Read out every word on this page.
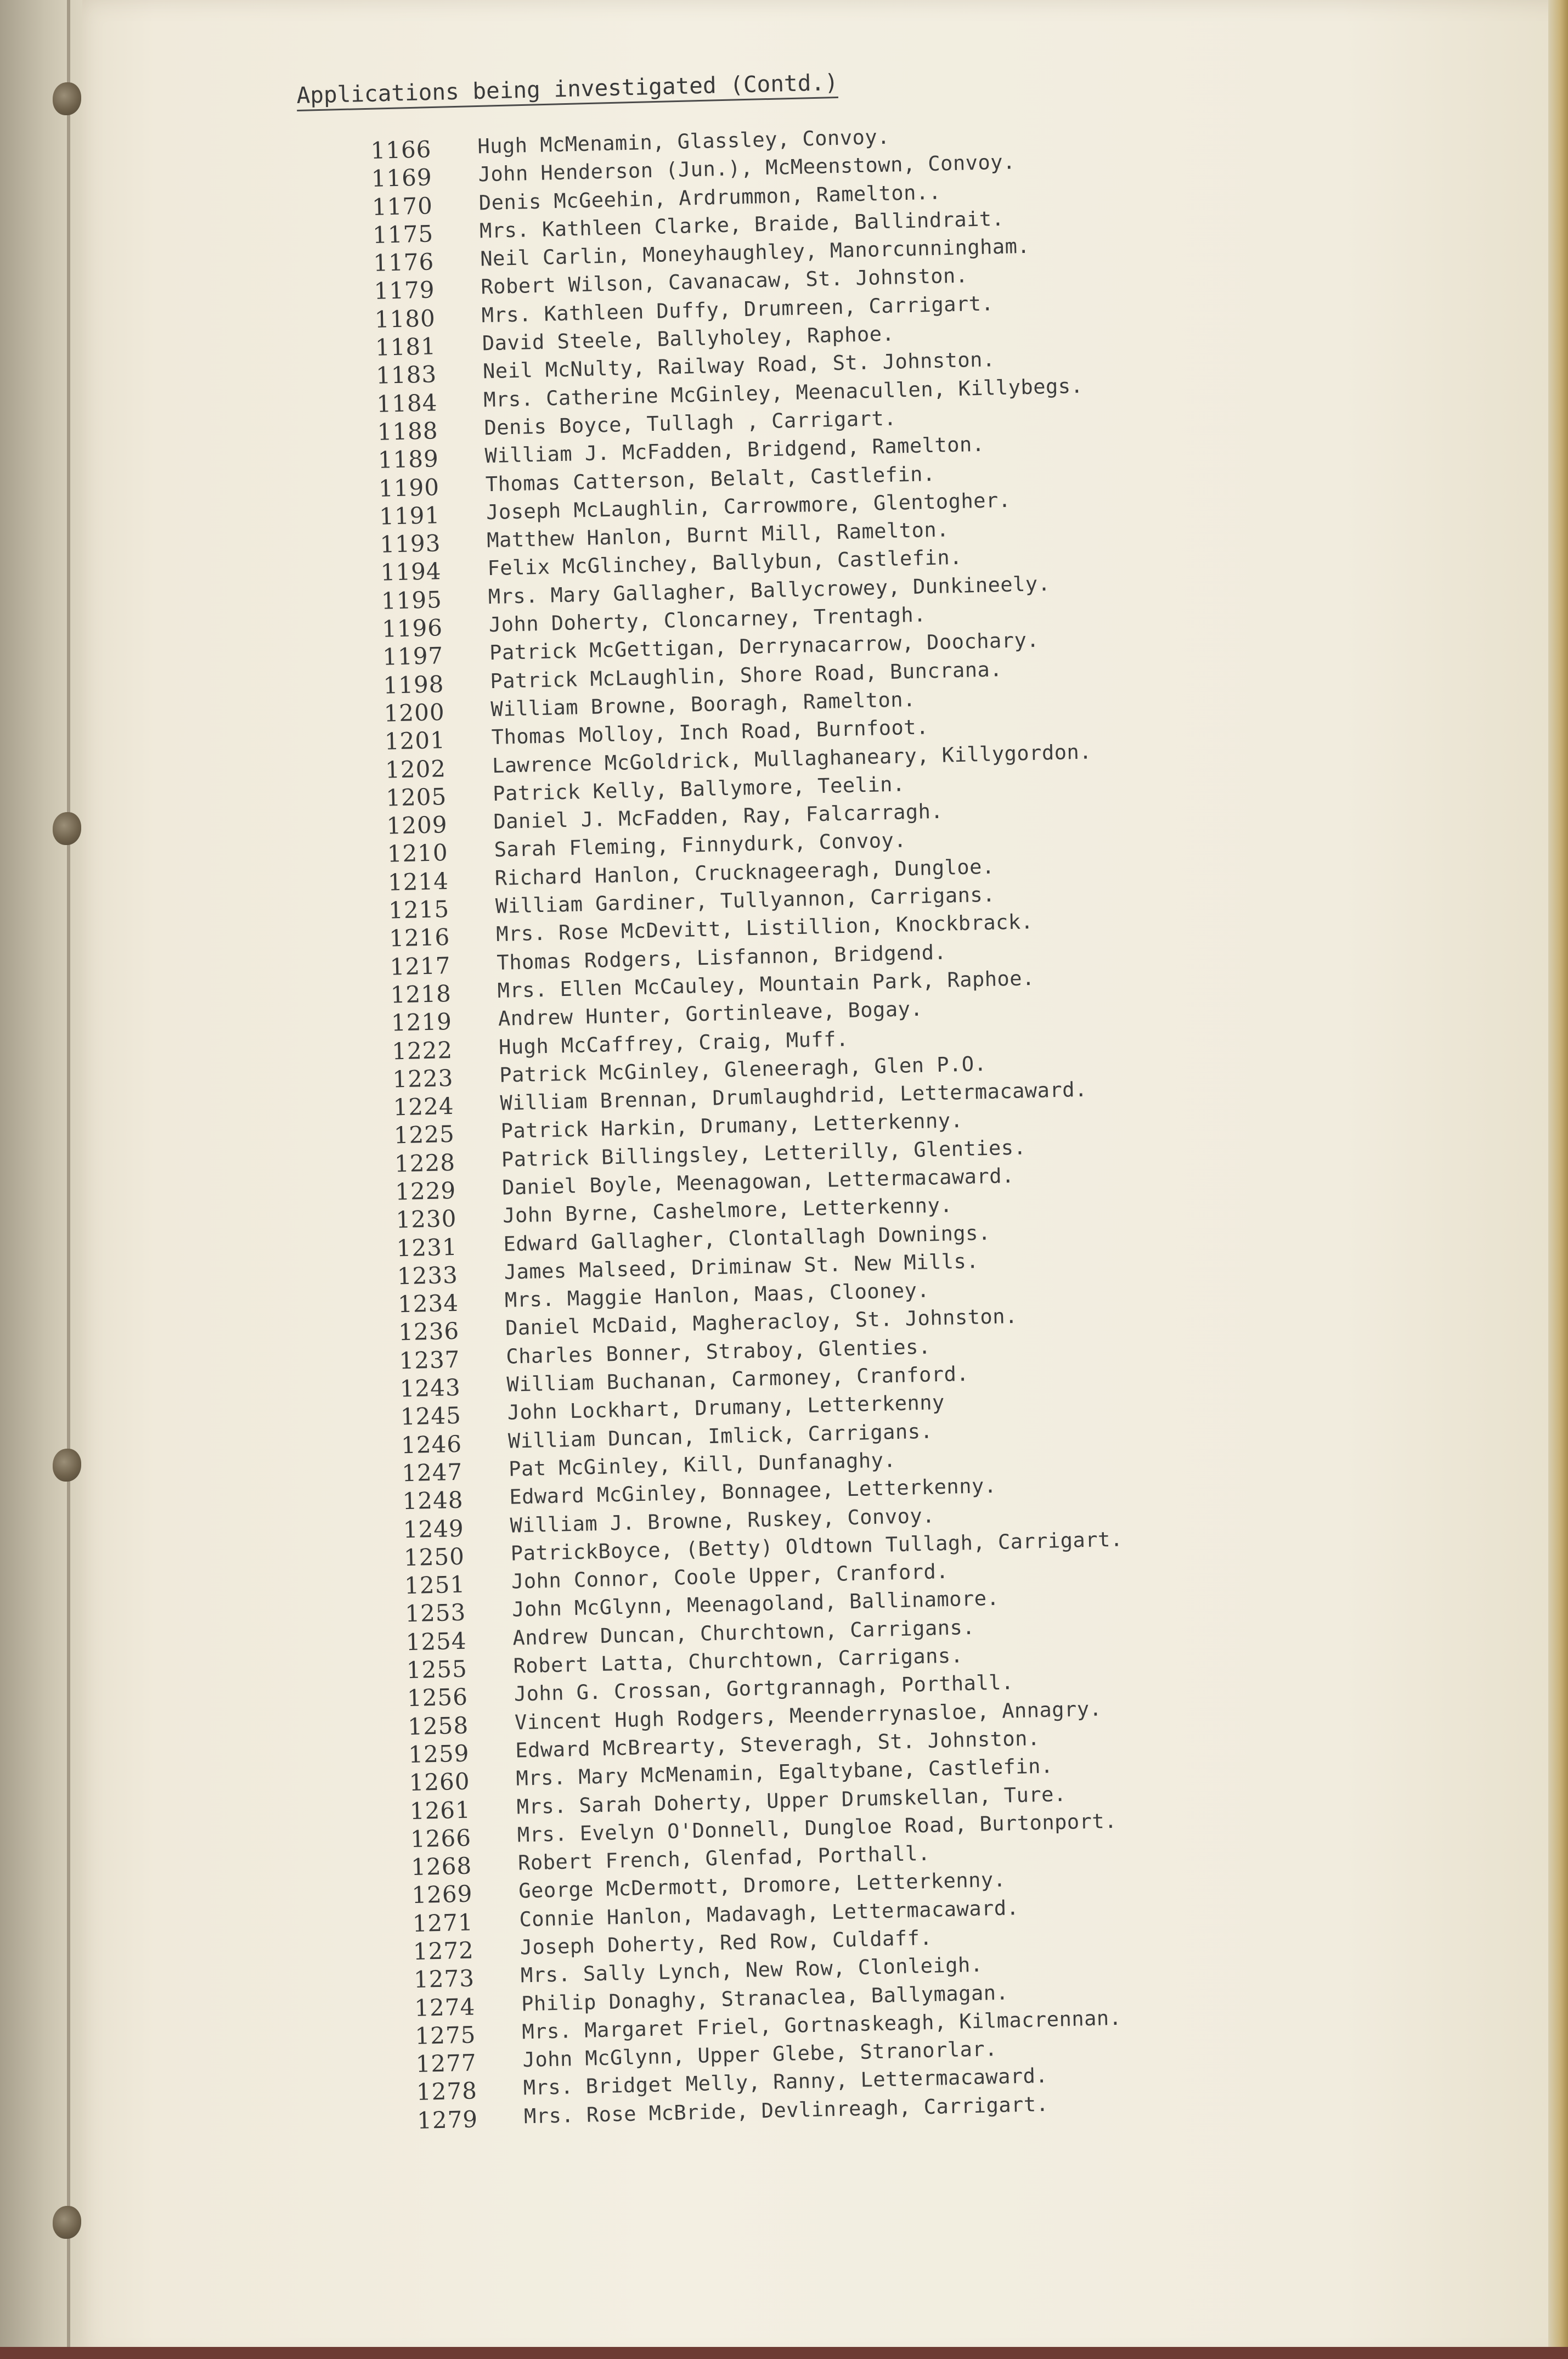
Applications being investigated (Contd.)
1166	Hugh McMenamin, Glassley, Convoy.
1169	John Henderson (Jun.), McMeenstown, Convoy.
1170	Denis McGeehin, Ardrummon, Ramelton..
1175	Mrs. Kathleen Clarke, Braide, Ballindrait.
1176	Neil Carlin, Moneyhaughley, Manorcunningham.
1179	Robert Wilson, Cavanacaw, St. Johnston.
1180	Mrs. Kathleen Duffy, Drumreen, Carrigart.
1181	David Steele, Ballyholey, Raphoe.
1183	Neil McNulty, Railway Road, St. Johnston.
1184	Mrs. Catherine McGinley, Meenacullen, Killybegs.
1188	Denis Boyce, Tullagh , Carrigart.
1189	William J. McFadden, Bridgend, Ramelton.
1190	Thomas Catterson, Belalt, Castlefin.
1191	Joseph McLaughlin, Carrowmore, Glentogher.
1193	Matthew Hanlon, Burnt Mill, Ramelton.
1194	Felix McGlinchey, Ballybun, Castlefin.
1195	Mrs. Mary Gallagher, Ballycrowey, Dunkineely.
1196	John Doherty, Cloncarney, Trentagh.
1197	Patrick McGettigan, Derrynacarrow, Doochary.
1198	Patrick McLaughlin, Shore Road, Buncrana.
1200	William Browne, Booragh, Ramelton.
1201	Thomas Molloy, Inch Road, Burnfoot.
1202	Lawrence McGoldrick, Mullaghaneary, Killygordon.
1205	Patrick Kelly, Ballymore, Teelin.
1209	Daniel J. McFadden, Ray, Falcarragh.
1210	Sarah Fleming, Finnydurk, Convoy.
1214	Richard Hanlon, Crucknageeragh, Dungloe.
1215	William Gardiner, Tullyannon, Carrigans.
1216	Mrs. Rose McDevitt, Listillion, Knockbrack.
1217	Thomas Rodgers, Lisfannon, Bridgend.
1218	Mrs. Ellen McCauley, Mountain Park, Raphoe.
1219	Andrew Hunter, Gortinleave, Bogay.
1222	Hugh McCaffrey, Craig, Muff.
1223	Patrick McGinley, Gleneeragh, Glen P.O.
1224	William Brennan, Drumlaughdrid, Lettermacaward.
1225	Patrick Harkin, Drumany, Letterkenny.
1228	Patrick Billingsley, Letterilly, Glenties.
1229	Daniel Boyle, Meenagowan, Lettermacaward.
1230	John Byrne, Cashelmore, Letterkenny.
1231	Edward Gallagher, Clontallagh Downings.
1233	James Malseed, Driminaw St. New Mills.
1234	Mrs. Maggie Hanlon, Maas, Clooney.
1236	Daniel McDaid, Magheracloy, St. Johnston.
1237	Charles Bonner, Straboy, Glenties.
1243	William Buchanan, Carmoney, Cranford.
1245	John Lockhart, Drumany, Letterkenny
1246	William Duncan, Imlick, Carrigans.
1247	Pat McGinley, Kill, Dunfanaghy.
1248	Edward McGinley, Bonnagee, Letterkenny.
1249	William J. Browne, Ruskey, Convoy.
1250	PatrickBoyce, (Betty) Oldtown Tullagh, Carrigart.
1251	John Connor, Coole Upper, Cranford.
1253	John McGlynn, Meenagoland, Ballinamore.
1254	Andrew Duncan, Churchtown, Carrigans.
1255	Robert Latta, Churchtown, Carrigans.
1256	John G. Crossan, Gortgrannagh, Porthall.
1258	Vincent Hugh Rodgers, Meenderrynasloe, Annagry.
1259	Edward McBrearty, Steveragh, St. Johnston.
1260	Mrs. Mary McMenamin, Egaltybane, Castlefin.
1261	Mrs. Sarah Doherty, Upper Drumskellan, Ture.
1266	Mrs. Evelyn O'Donnell, Dungloe Road, Burtonport.
1268	Robert French, Glenfad, Porthall.
1269	George McDermott, Dromore, Letterkenny.
1271	Connie Hanlon, Madavagh, Lettermacaward.
1272	Joseph Doherty, Red Row, Culdaff.
1273	Mrs. Sally Lynch, New Row, Clonleigh.
1274	Philip Donaghy, Stranaclea, Ballymagan.
1275	Mrs. Margaret Friel, Gortnaskeagh, Kilmacrennan.
1277	John McGlynn, Upper Glebe, Stranorlar.
1278	Mrs. Bridget Melly, Ranny, Lettermacaward.
1279	Mrs. Rose McBride, Devlinreagh, Carrigart.
